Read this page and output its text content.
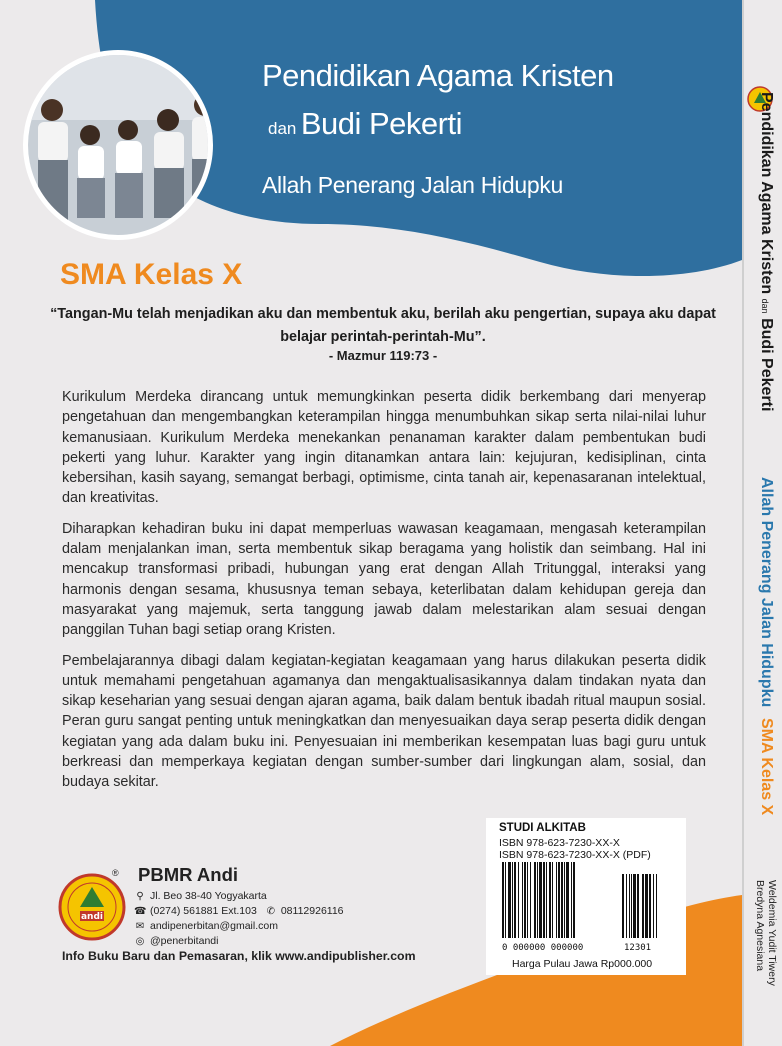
Pendidikan Agama Kristen
dan Budi Pekerti
Allah Penerang Jalan Hidupku
SMA Kelas X
“Tangan-Mu telah menjadikan aku dan membentuk aku, berilah aku pengertian, supaya aku dapat belajar perintah-perintah-Mu”.
- Mazmur 119:73 -

Kurikulum Merdeka dirancang untuk memungkinkan peserta didik berkembang dari menyerap pengetahuan dan mengembangkan keterampilan hingga menumbuhkan sikap serta nilai-nilai luhur kemanusiaan. Kurikulum Merdeka menekankan penanaman karakter dalam pembentukan budi pekerti yang luhur. Karakter yang ingin ditanamkan antara lain: kejujuran, kedisiplinan, cinta kebersihan, kasih sayang, semangat berbagi, optimisme, cinta tanah air, kepenasaranan intelektual, dan kreativitas.

Diharapkan kehadiran buku ini dapat memperluas wawasan keagamaan, mengasah keterampilan dalam menjalankan iman, serta membentuk sikap beragama yang holistik dan seimbang. Hal ini mencakup transformasi pribadi, hubungan yang erat dengan Allah Tritunggal, interaksi yang harmonis dengan sesama, khususnya teman sebaya, keterlibatan dalam kehidupan gereja dan masyarakat yang majemuk, serta tanggung jawab dalam melestarikan alam sesuai dengan panggilan Tuhan bagi setiap orang Kristen.

Pembelajarannya dibagi dalam kegiatan-kegiatan keagamaan yang harus dilakukan peserta didik untuk memahami pengetahuan agamanya dan mengaktualisasikannya dalam tindakan nyata dan sikap keseharian yang sesuai dengan ajaran agama, baik dalam bentuk ibadah ritual maupun sosial. Peran guru sangat penting untuk meningkatkan dan menyesuaikan daya serap peserta didik dengan kegiatan yang ada dalam buku ini. Penyesuaian ini memberikan kesempatan luas bagi guru untuk berkreasi dan memperkaya kegiatan dengan sumber-sumber dari lingkungan alam, sosial, dan budaya sekitar.

Pendidikan Agama Kristen dan Budi Pekerti
Allah Penerang Jalan Hidupku
SMA Kelas X
Weldemia Yudit Tiwery
Bredyna Agnesiana
andi
® PBMR Andi
⚲ Jl. Beo 38-40 Yogyakarta
☎ (0274) 561881 Ext.103 ✆ 08112926116
✉ andipenerbitan@gmail.com
◎ @penerbitandi
Info Buku Baru dan Pemasaran, klik www.andipublisher.com
STUDI ALKITAB
ISBN 978-623-7230-XX-X
ISBN 978-623-7230-XX-X (PDF)
0 000000 000000	12301
Harga Pulau Jawa Rp000.000
